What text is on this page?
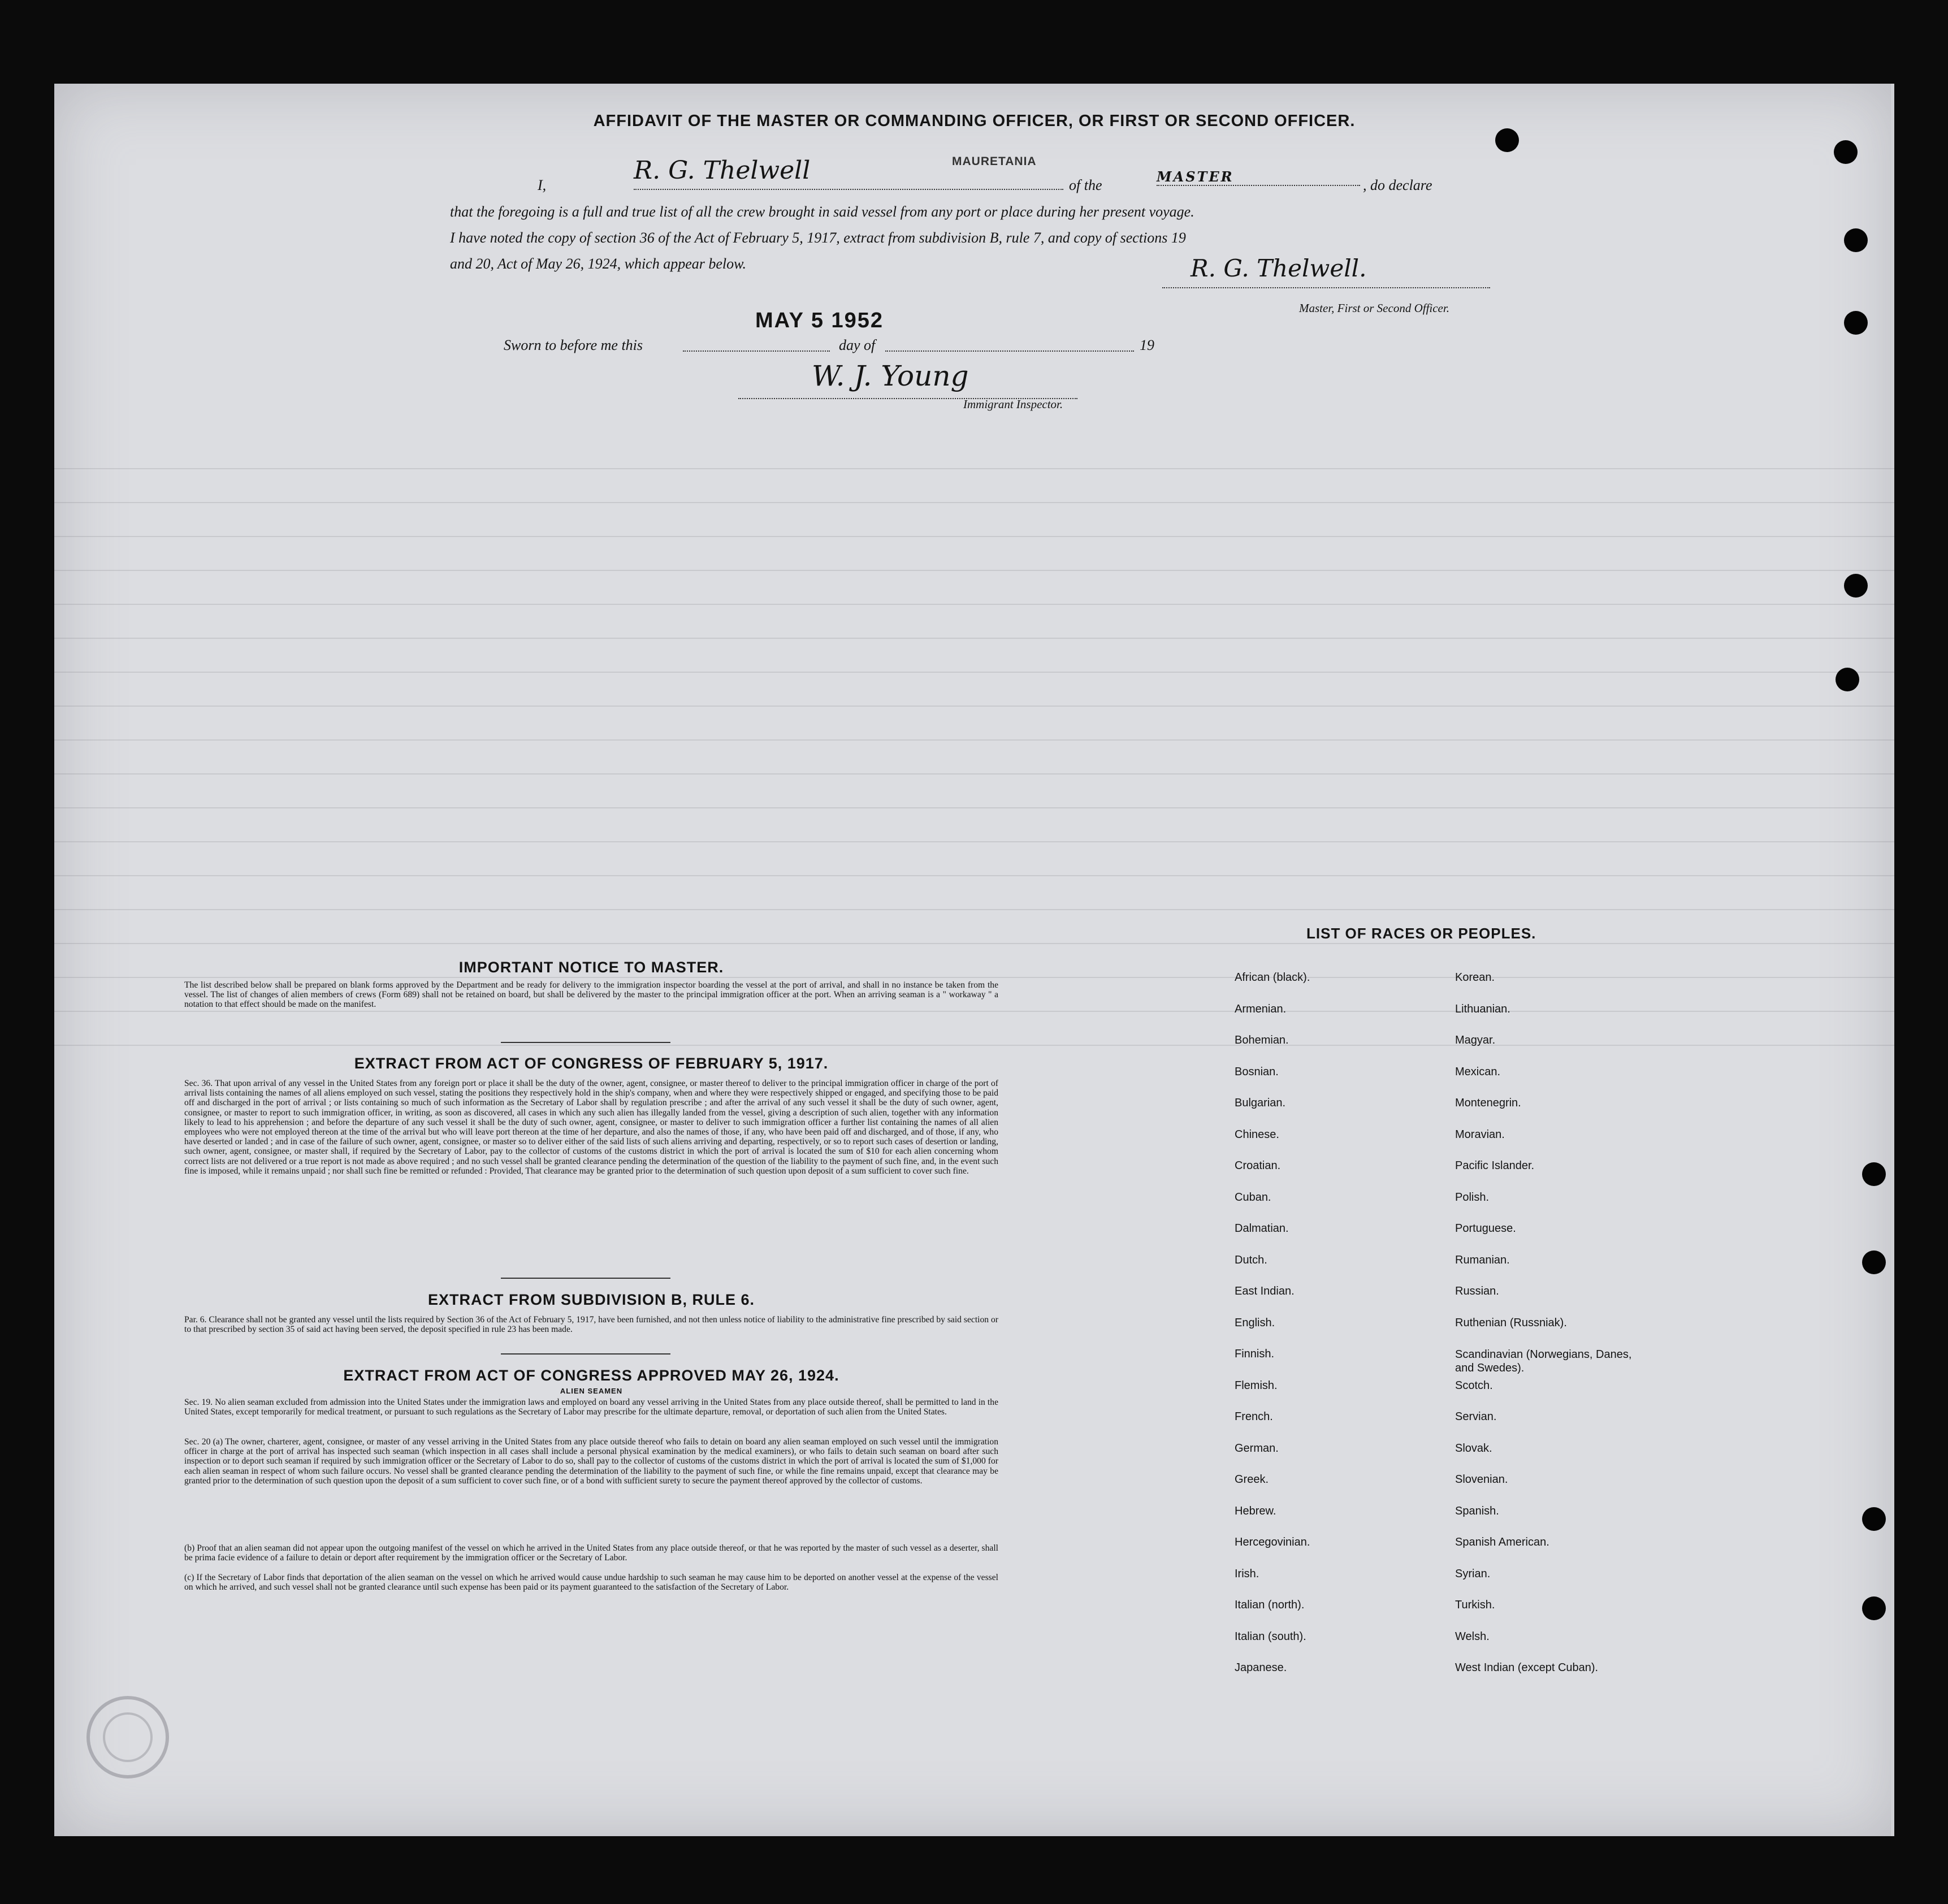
AFFIDAVIT OF THE MASTER OR COMMANDING OFFICER, OR FIRST OR SECOND OFFICER.
MAURETANIA
I,
R. G. Thelwell
of the
MASTER
, do declare
that the foregoing is a full and true list of all the crew brought in said vessel from any port or place during her present voyage.
I have noted the copy of section 36 of the Act of February 5, 1917, extract from subdivision B, rule 7, and copy of sections 19
and 20, Act of May 26, 1924, which appear below.	R. G. Thelwell.
Master, First or Second Officer.
Sworn to before me this
MAY 5 1952
day of	19
W. J. Young
Immigrant Inspector.
IMPORTANT NOTICE TO MASTER.
The list described below shall be prepared on blank forms approved by the Department and be ready for delivery to the immigration inspector boarding the vessel at the port of arrival, and shall in no instance be taken from the vessel. The list of changes of alien members of crews (Form 689) shall not be retained on board, but shall be delivered by the master to the principal immigration officer at the port. When an arriving seaman is a " workaway " a notation to that effect should be made on the manifest.
EXTRACT FROM ACT OF CONGRESS OF FEBRUARY 5, 1917.
Sec. 36. That upon arrival of any vessel in the United States from any foreign port or place it shall be the duty of the owner, agent, consignee, or master thereof to deliver to the principal immigration officer in charge of the port of arrival lists containing the names of all aliens employed on such vessel, stating the positions they respectively hold in the ship's company, when and where they were respectively shipped or engaged, and specifying those to be paid off and discharged in the port of arrival ; or lists containing so much of such information as the Secretary of Labor shall by regulation prescribe ; and after the arrival of any such vessel it shall be the duty of such owner, agent, consignee, or master to report to such immigration officer, in writing, as soon as discovered, all cases in which any such alien has illegally landed from the vessel, giving a description of such alien, together with any information likely to lead to his apprehension ; and before the departure of any such vessel it shall be the duty of such owner, agent, consignee, or master to deliver to such immigration officer a further list containing the names of all alien employees who were not employed thereon at the time of the arrival but who will leave port thereon at the time of her departure, and also the names of those, if any, who have been paid off and discharged, and of those, if any, who have deserted or landed ; and in case of the failure of such owner, agent, consignee, or master so to deliver either of the said lists of such aliens arriving and departing, respectively, or so to report such cases of desertion or landing, such owner, agent, consignee, or master shall, if required by the Secretary of Labor, pay to the collector of customs of the customs district in which the port of arrival is located the sum of $10 for each alien concerning whom correct lists are not delivered or a true report is not made as above required ; and no such vessel shall be granted clearance pending the determination of the question of the liability to the payment of such fine, and, in the event such fine is imposed, while it remains unpaid ; nor shall such fine be remitted or refunded : Provided, That clearance may be granted prior to the determination of such question upon deposit of a sum sufficient to cover such fine.
EXTRACT FROM SUBDIVISION B, RULE 6.
Par. 6. Clearance shall not be granted any vessel until the lists required by Section 36 of the Act of February 5, 1917, have been furnished, and not then unless notice of liability to the administrative fine prescribed by said section or to that prescribed by section 35 of said act having been served, the deposit specified in rule 23 has been made.
EXTRACT FROM ACT OF CONGRESS APPROVED MAY 26, 1924.
ALIEN SEAMEN
Sec. 19. No alien seaman excluded from admission into the United States under the immigration laws and employed on board any vessel arriving in the United States from any place outside thereof, shall be permitted to land in the United States, except temporarily for medical treatment, or pursuant to such regulations as the Secretary of Labor may prescribe for the ultimate departure, removal, or deportation of such alien from the United States.
Sec. 20 (a) The owner, charterer, agent, consignee, or master of any vessel arriving in the United States from any place outside thereof who fails to detain on board any alien seaman employed on such vessel until the immigration officer in charge at the port of arrival has inspected such seaman (which inspection in all cases shall include a personal physical examination by the medical examiners), or who fails to detain such seaman on board after such inspection or to deport such seaman if required by such immigration officer or the Secretary of Labor to do so, shall pay to the collector of customs of the customs district in which the port of arrival is located the sum of $1,000 for each alien seaman in respect of whom such failure occurs. No vessel shall be granted clearance pending the determination of the liability to the payment of such fine, or while the fine remains unpaid, except that clearance may be granted prior to the determination of such question upon the deposit of a sum sufficient to cover such fine, or of a bond with sufficient surety to secure the payment thereof approved by the collector of customs.
(b) Proof that an alien seaman did not appear upon the outgoing manifest of the vessel on which he arrived in the United States from any place outside thereof, or that he was reported by the master of such vessel as a deserter, shall be prima facie evidence of a failure to detain or deport after requirement by the immigration officer or the Secretary of Labor.
(c) If the Secretary of Labor finds that deportation of the alien seaman on the vessel on which he arrived would cause undue hardship to such seaman he may cause him to be deported on another vessel at the expense of the vessel on which he arrived, and such vessel shall not be granted clearance until such expense has been paid or its payment guaranteed to the satisfaction of the Secretary of Labor.
LIST OF RACES OR PEOPLES.
African (black).
Armenian.
Bohemian.
Bosnian.
Bulgarian.
Chinese.
Croatian.
Cuban.
Dalmatian.
Dutch.
East Indian.
English.
Finnish.
Flemish.
French.
German.
Greek.
Hebrew.
Hercegovinian.
Irish.
Italian (north).
Italian (south).
Japanese.
Korean.
Lithuanian.
Magyar.
Mexican.
Montenegrin.
Moravian.
Pacific Islander.
Polish.
Portuguese.
Rumanian.
Russian.
Ruthenian (Russniak).
Scandinavian (Norwegians, Danes, and Swedes).
Scotch.
Servian.
Slovak.
Slovenian.
Spanish.
Spanish American.
Syrian.
Turkish.
Welsh.
West Indian (except Cuban).
